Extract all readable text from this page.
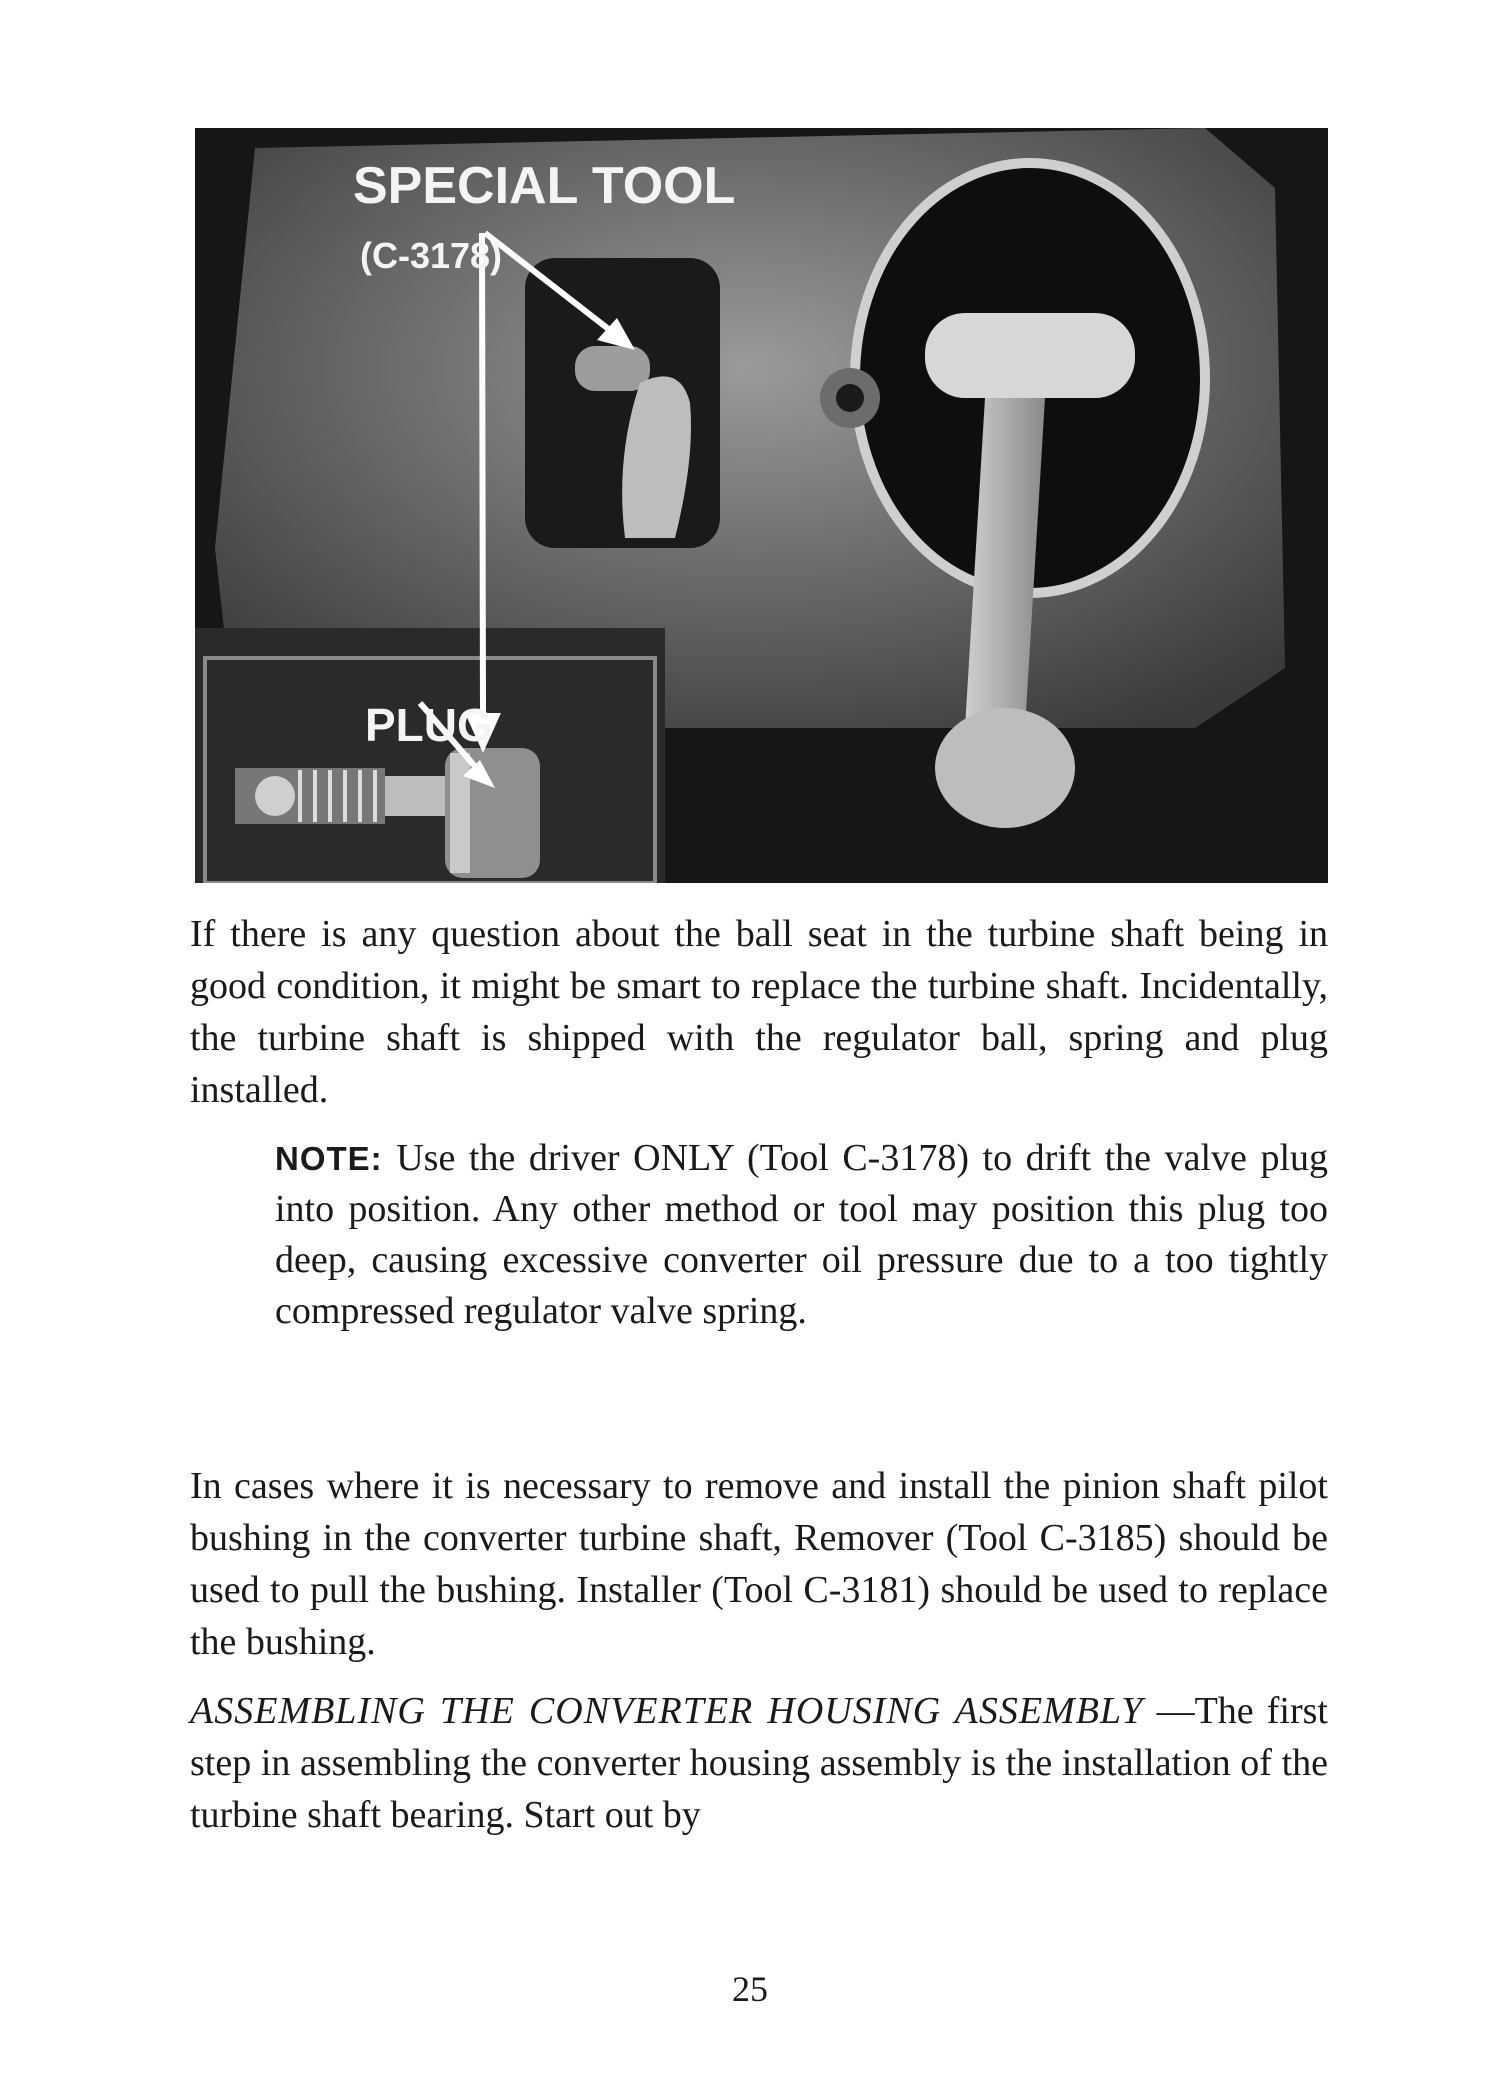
SPECIAL TOOL
(C-3178)
PLUG

If there is any question about the ball seat in the turbine shaft being in good condition, it might be smart to replace the turbine shaft. Incidentally, the turbine shaft is shipped with the regulator ball, spring and plug installed.

NOTE: Use the driver ONLY (Tool C-3178) to drift the valve plug into position. Any other method or tool may position this plug too deep, causing excessive converter oil pressure due to a too tightly compressed regulator valve spring.

In cases where it is necessary to remove and install the pinion shaft pilot bushing in the converter turbine shaft, Remover (Tool C-3185) should be used to pull the bushing. Installer (Tool C-3181) should be used to replace the bushing.

ASSEMBLING THE CONVERTER HOUSING ASSEMBLY —The first step in assembling the converter housing assembly is the installation of the turbine shaft bearing. Start out by

25
